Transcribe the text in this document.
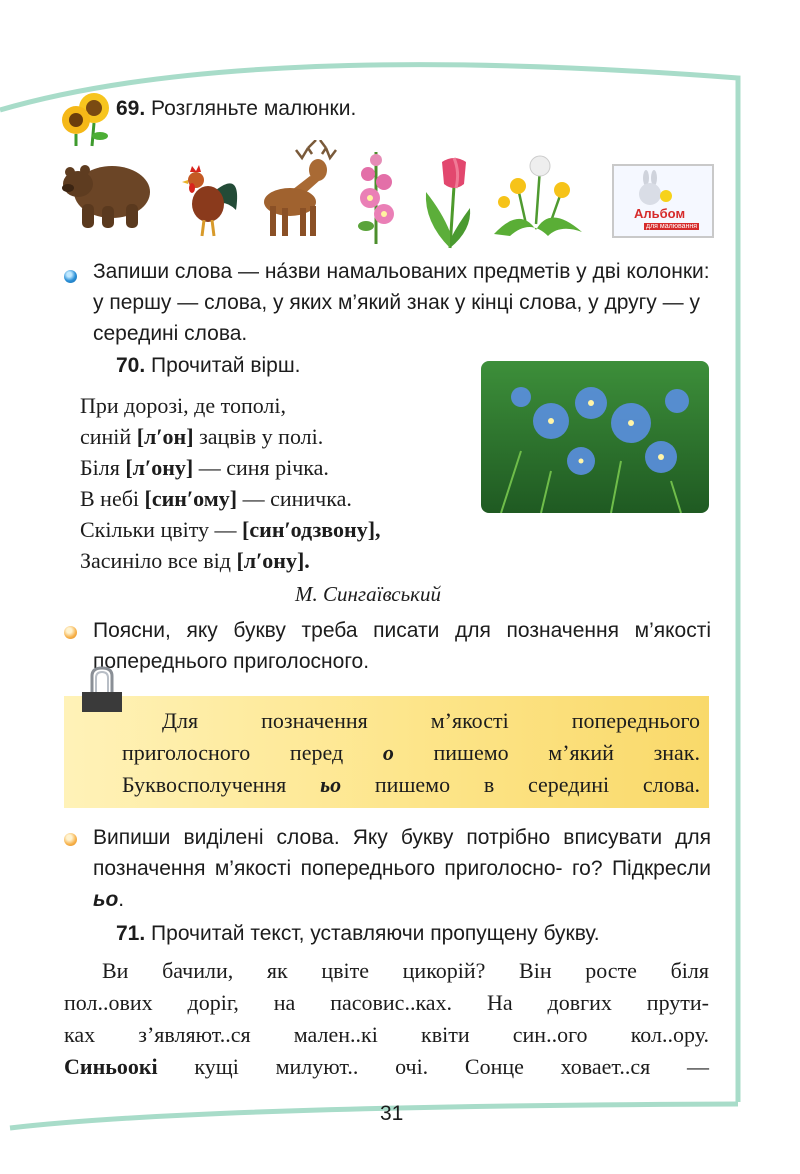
69. Розгляньте малюнки.
Альбом
для малювання
Запиши слова — на́зви намальованих предметів у дві колонки: у першу — слова, у яких м’який знак у кінці слова, у другу — у середині слова.
70. Прочитай вірш.
При дорозі, де тополі,
синій [л′он] зацвів у полі.
Біля [л′ону] — синя річка.
В небі [син′ому] — синичка.
Скільки цвіту — [син′одзвону],
Засиніло все від [л′ону].
М. Сингаївський
Поясни, яку букву треба писати для позначення м’якості попереднього приголосного.
Для позначення м’якості попереднього
приголосного перед о пишемо м’який знак.
Буквосполучення ьо пишемо в середині слова.
Випиши виділені слова. Яку букву потрібно вписувати для позначення м’якості попереднього приголосно- го? Підкресли ьо.
71. Прочитай текст, уставляючи пропущену букву.
Ви бачили, як цвіте цикорій? Він росте біля
пол..ових доріг, на пасовис..ках. На довгих прути-
ках з’являют..ся мален..кі квіти син..ого кол..ору.
Синьоокі кущі милуют.. очі. Сонце ховает..ся —
31
